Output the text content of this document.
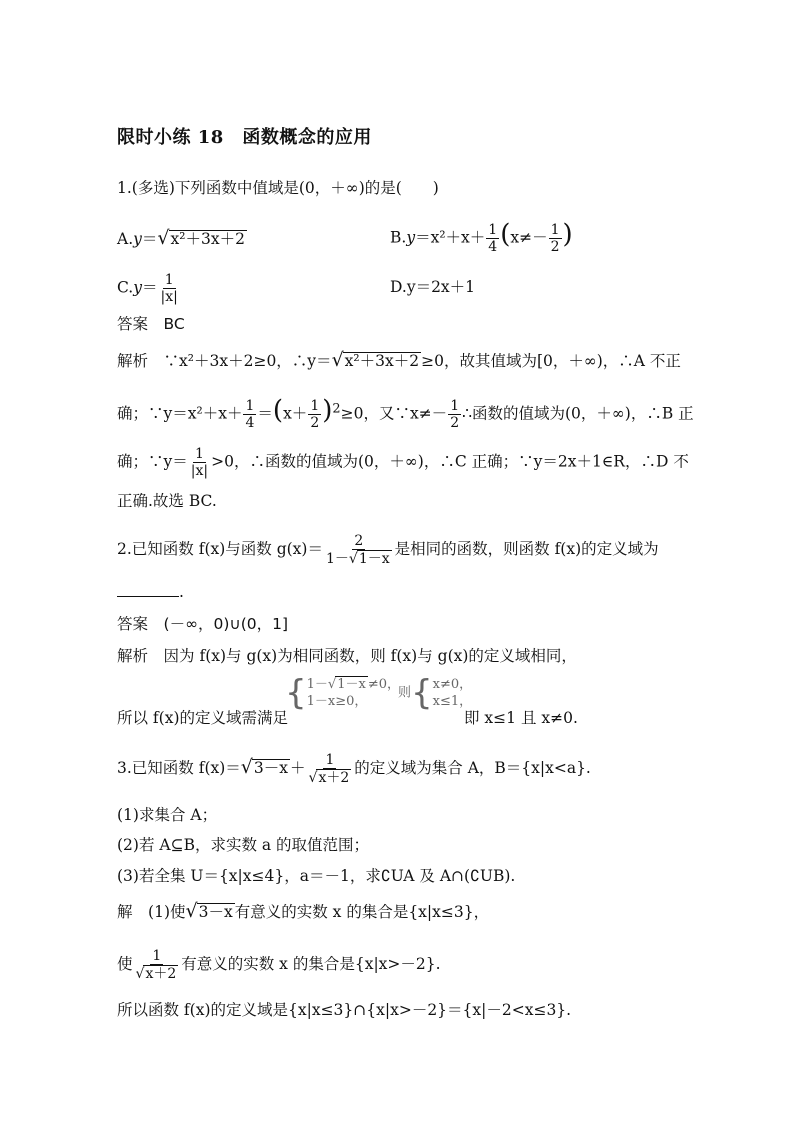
限时小练 18　函数概念的应用
1.(多选)下列函数中值域是(0，＋∞)的是(　　)
A.y＝√x²＋3x＋2	$B.y=x^2+x+ \frac{1}{4} (x\ne- \frac{1}{2}$ )
$C.y= \frac{1}{|x|}$	D.y＝2x＋1
答案　 BC
解析　 ∵x²＋3x＋2≥0，∴y＝√x²＋3x＋2 ≥0，故其值域为[0，＋∞)，∴A 不正
确；∵y＝x²＋x＋ $\frac{1}{4} =(x+ \frac{1}{2} )^2\ge 0$，又∵x≠－ $\frac{1}{2}$ ∴函数的值域为(0，＋∞)，∴B 正
确；∵y＝ $\frac{1}{|x|} >0$，∴函数的值域为(0，＋∞)，∴C 正确；∵y＝2x＋1∈R，∴D 不
正确.故选 BC.
2.已知函数 f(x)与函数 $g(x)= \frac{2}{1-√1-x}$ 是相同的函数，则函数 f(x)的定义域为
.
答案　 (－∞，0)∪(0，1]
解析　 因为 f(x)与 g(x)为相同函数，则 f(x)与 g(x)的定义域相同，
所以 f(x)的定义域需满足
{ 1－√1－x ≠0，
1－x≥0，
则{ x≠0，
x≤1，
即 x≤1 且 x≠0.
3.已知函数 $f(x)=√3-x + \frac{1}{√x+2}$ 的定义域为集合 A，B＝{x|x<a}.
(1)求集合 A；
(2)若 A⊆B，求实数 a 的取值范围；
(3)若全集 U＝{x|x≤4}，a＝－1，求∁UA 及 A∩(∁UB).
解　 (1)使√3－x 有意义的实数 x 的集合是{x|x≤3}，
使 $\frac{1}{√x+2}$ 有意义的实数 x 的集合是{x|x>－2}.
所以函数 f(x)的定义域是{x|x≤3}∩{x|x>－2}＝{x|－2<x≤3}.
